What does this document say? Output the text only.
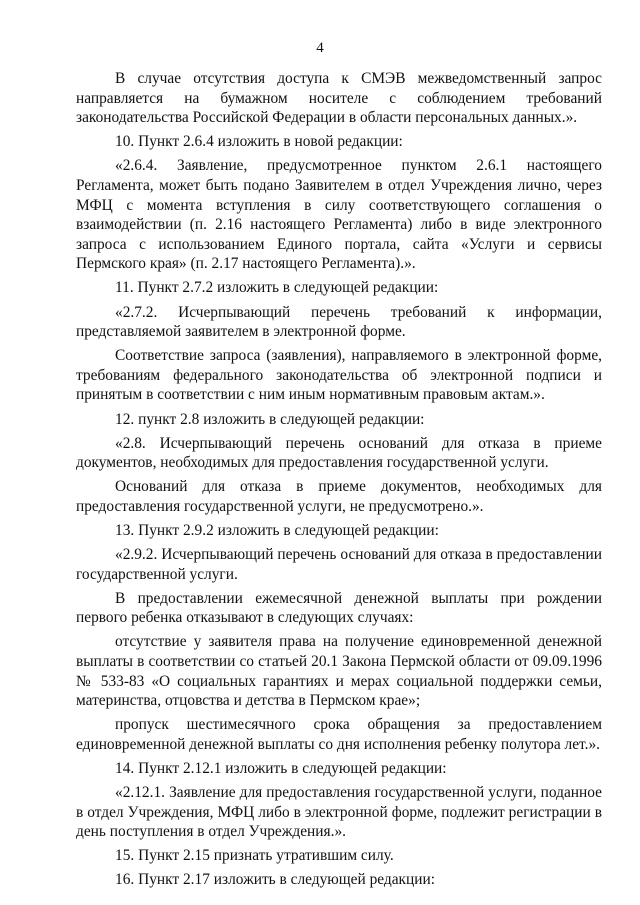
4

В случае отсутствия доступа к СМЭВ межведомственный запрос направляется на бумажном носителе с соблюдением требований законодательства Российской Федерации в области персональных данных.».

10. Пункт 2.6.4 изложить в новой редакции:

«2.6.4. Заявление, предусмотренное пунктом 2.6.1 настоящего Регламента, может быть подано Заявителем в отдел Учреждения лично, через МФЦ с момента вступления в силу соответствующего соглашения о взаимодействии (п. 2.16 настоящего Регламента) либо в виде электронного запроса с использованием Единого портала, сайта «Услуги и сервисы Пермского края» (п. 2.17 настоящего Регламента).».

11. Пункт 2.7.2 изложить в следующей редакции:

«2.7.2. Исчерпывающий перечень требований к информации, представляемой заявителем в электронной форме.

Соответствие запроса (заявления), направляемого в электронной форме, требованиям федерального законодательства об электронной подписи и принятым в соответствии с ним иным нормативным правовым актам.».

12. пункт 2.8 изложить в следующей редакции:

«2.8. Исчерпывающий перечень оснований для отказа в приеме документов, необходимых для предоставления государственной услуги.

Оснований для отказа в приеме документов, необходимых для предоставления государственной услуги, не предусмотрено.».

13. Пункт 2.9.2 изложить в следующей редакции:

«2.9.2. Исчерпывающий перечень оснований для отказа в предоставлении государственной услуги.

В предоставлении ежемесячной денежной выплаты при рождении первого ребенка отказывают в следующих случаях:

отсутствие у заявителя права на получение единовременной денежной выплаты в соответствии со статьей 20.1 Закона Пермской области от 09.09.1996 № 533-83 «О социальных гарантиях и мерах социальной поддержки семьи, материнства, отцовства и детства в Пермском крае»;

пропуск шестимесячного срока обращения за предоставлением единовременной денежной выплаты со дня исполнения ребенку полутора лет.».

14. Пункт 2.12.1 изложить в следующей редакции:

«2.12.1. Заявление для предоставления государственной услуги, поданное в отдел Учреждения, МФЦ либо в электронной форме, подлежит регистрации в день поступления в отдел Учреждения.».

15. Пункт 2.15 признать утратившим силу.

16. Пункт 2.17 изложить в следующей редакции:
